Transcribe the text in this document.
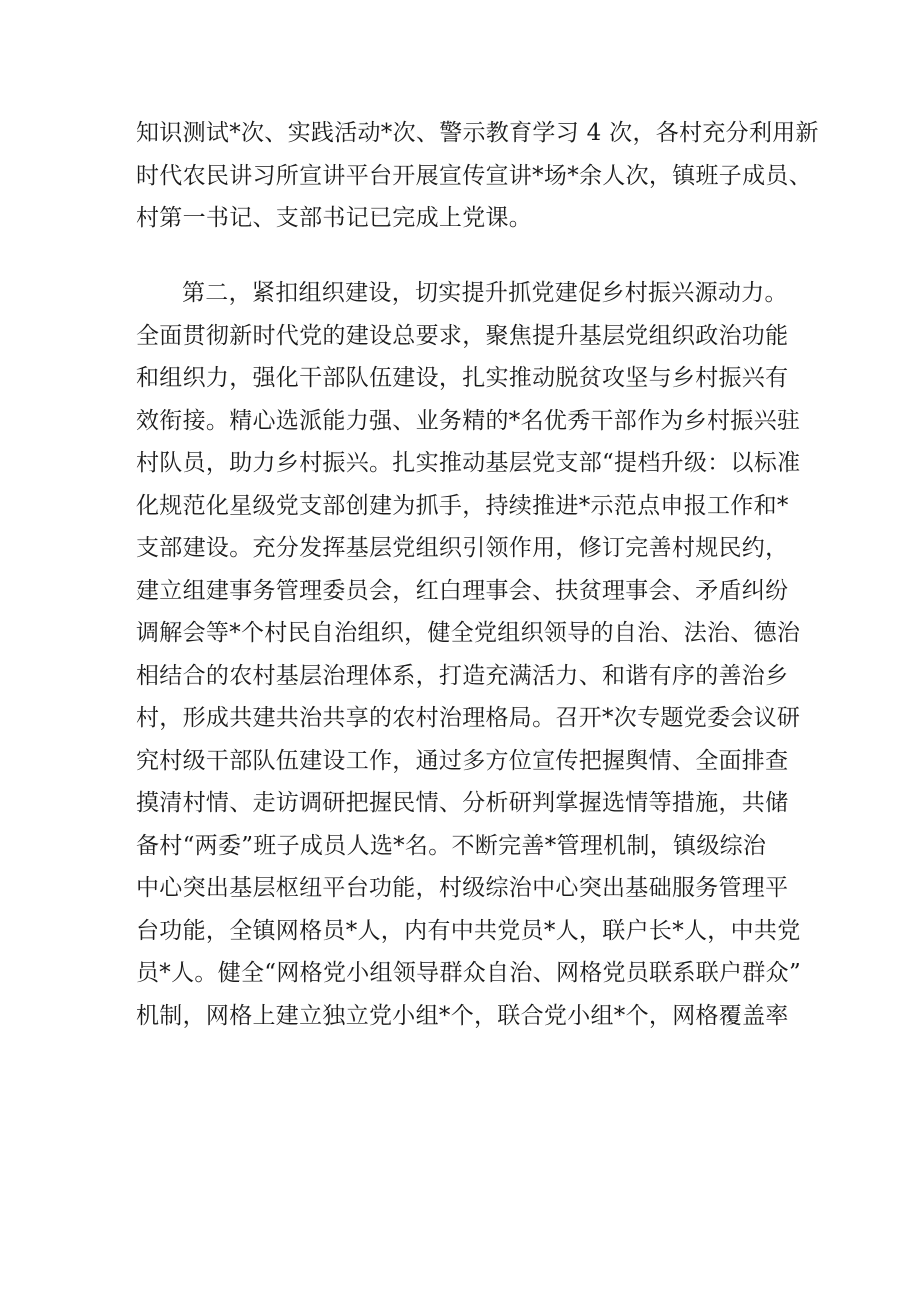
知识测试*次、实践活动*次、警示教育学习 4 次，各村充分利用新
时代农民讲习所宣讲平台开展宣传宣讲*场*余人次，镇班子成员、
村第一书记、支部书记已完成上党课。
第二，紧扣组织建设，切实提升抓党建促乡村振兴源动力。
全面贯彻新时代党的建设总要求，聚焦提升基层党组织政治功能
和组织力，强化干部队伍建设，扎实推动脱贫攻坚与乡村振兴有
效衔接。精心选派能力强、业务精的*名优秀干部作为乡村振兴驻
村队员，助力乡村振兴。扎实推动基层党支部“提档升级：以标准
化规范化星级党支部创建为抓手，持续推进*示范点申报工作和*
支部建设。充分发挥基层党组织引领作用，修订完善村规民约，
建立组建事务管理委员会，红白理事会、扶贫理事会、矛盾纠纷
调解会等*个村民自治组织，健全党组织领导的自治、法治、德治
相结合的农村基层治理体系，打造充满活力、和谐有序的善治乡
村，形成共建共治共享的农村治理格局。召开*次专题党委会议研
究村级干部队伍建设工作，通过多方位宣传把握舆情、全面排查
摸清村情、走访调研把握民情、分析研判掌握选情等措施，共储
备村“两委”班子成员人选*名。不断完善*管理机制，镇级综治
中心突出基层枢纽平台功能，村级综治中心突出基础服务管理平
台功能，全镇网格员*人，内有中共党员*人，联户长*人，中共党
员*人。健全“网格党小组领导群众自治、网格党员联系联户群众”
机制，网格上建立独立党小组*个，联合党小组*个，网格覆盖率
